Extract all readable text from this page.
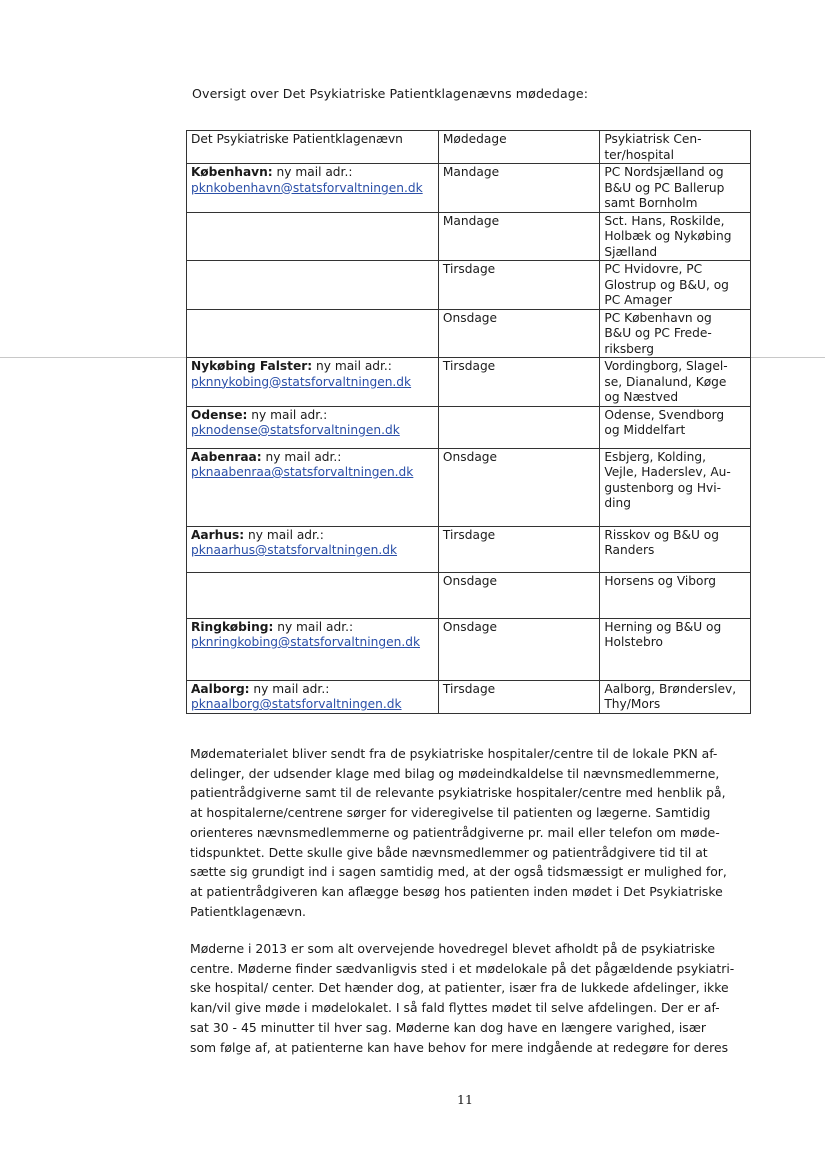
Oversigt over Det Psykiatriske Patientklagenævns mødedage:
Det Psykiatriske Patientklagenævn	Mødedage	Psykiatrisk Cen-
ter/hospital
København: ny mail adr.:
pknkobenhavn@statsforvaltningen.dk	Mandage	PC Nordsjælland og
B&U og PC Ballerup
samt Bornholm
	Mandage	Sct. Hans, Roskilde,
Holbæk og Nykøbing
Sjælland
	Tirsdage	PC Hvidovre, PC
Glostrup og B&U, og
PC Amager
	Onsdage	PC København og
B&U og PC Frede-
riksberg
Nykøbing Falster: ny mail adr.:
pknnykobing@statsforvaltningen.dk	Tirsdage	Vordingborg, Slagel-
se, Dianalund, Køge
og Næstved
Odense: ny mail adr.:
pknodense@statsforvaltningen.dk		Odense, Svendborg
og Middelfart
Aabenraa: ny mail adr.:
pknaabenraa@statsforvaltningen.dk	Onsdage	Esbjerg, Kolding,
Vejle, Haderslev, Au-
gustenborg og Hvi-
ding
Aarhus: ny mail adr.:
pknaarhus@statsforvaltningen.dk	Tirsdage	Risskov og B&U og
Randers
	Onsdage	Horsens og Viborg
Ringkøbing: ny mail adr.:
pknringkobing@statsforvaltningen.dk	Onsdage	Herning og B&U og
Holstebro
Aalborg: ny mail adr.:
pknaalborg@statsforvaltningen.dk	Tirsdage	Aalborg, Brønderslev,
Thy/Mors

Mødematerialet bliver sendt fra de psykiatriske hospitaler/centre til de lokale PKN af-
delinger, der udsender klage med bilag og mødeindkaldelse til nævnsmedlemmerne,
patientrådgiverne samt til de relevante psykiatriske hospitaler/centre med henblik på,
at hospitalerne/centrene sørger for videregivelse til patienten og lægerne. Samtidig
orienteres nævnsmedlemmerne og patientrådgiverne pr. mail eller telefon om møde-
tidspunktet. Dette skulle give både nævnsmedlemmer og patientrådgivere tid til at
sætte sig grundigt ind i sagen samtidig med, at der også tidsmæssigt er mulighed for,
at patientrådgiveren kan aflægge besøg hos patienten inden mødet i Det Psykiatriske
Patientklagenævn.

Møderne i 2013 er som alt overvejende hovedregel blevet afholdt på de psykiatriske
centre. Møderne finder sædvanligvis sted i et mødelokale på det pågældende psykiatri-
ske hospital/ center. Det hænder dog, at patienter, især fra de lukkede afdelinger, ikke
kan/vil give møde i mødelokalet. I så fald flyttes mødet til selve afdelingen. Der er af-
sat 30 - 45 minutter til hver sag. Møderne kan dog have en længere varighed, især
som følge af, at patienterne kan have behov for mere indgående at redegøre for deres

11
